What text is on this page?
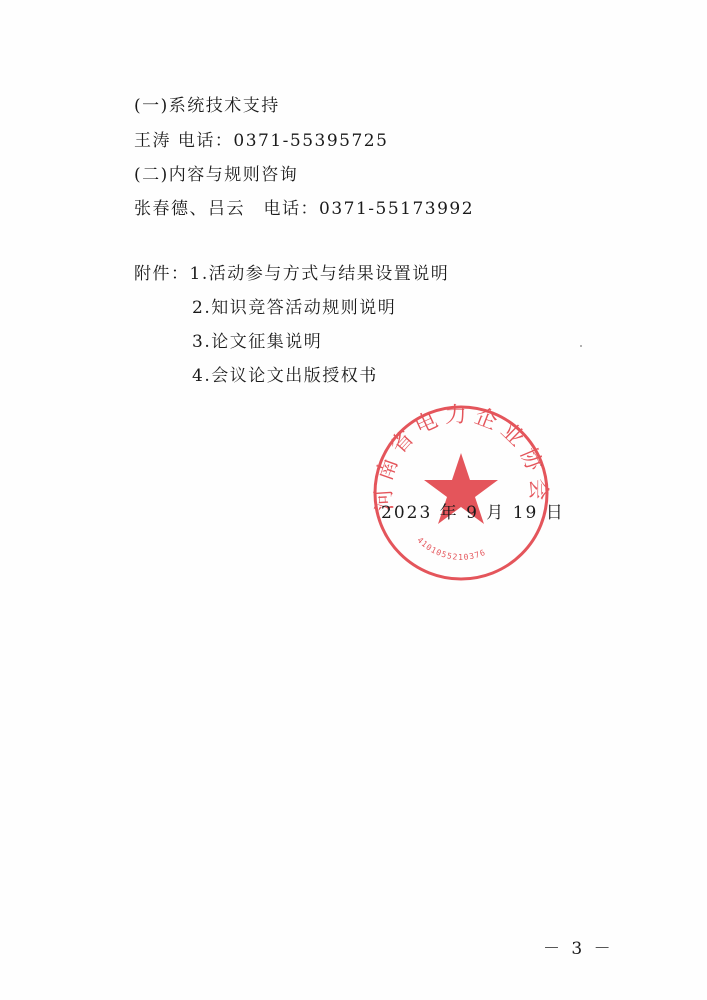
(一)系统技术支持
王涛 电话：0371-55395725
(二)内容与规则咨询
张春德、吕云　电话：0371-55173992
附件：1.活动参与方式与结果设置说明
2.知识竞答活动规则说明
3.论文征集说明
4.会议论文出版授权书
河南省电力企业协会
4101055210376
2023 年 9 月 19 日
－ 3 －
